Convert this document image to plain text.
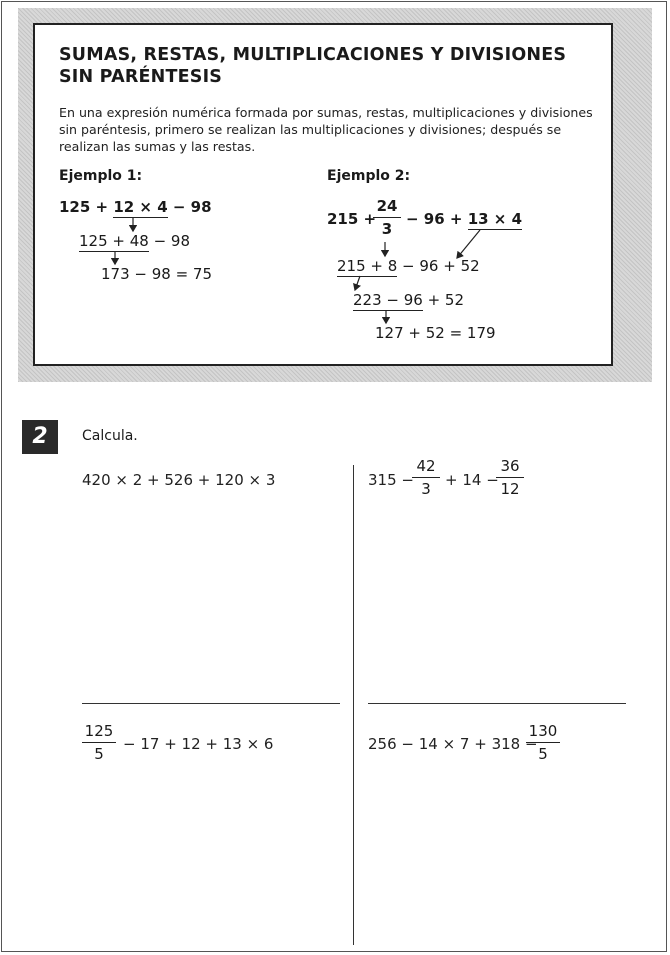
SUMAS, RESTAS, MULTIPLICACIONES Y DIVISIONES SIN PARÉNTESIS
En una expresión numérica formada por sumas, restas, multiplicaciones y divisiones sin paréntesis, primero se realizan las multiplicaciones y divisiones; después se realizan las sumas y las restas.
Ejemplo 1:
125 + 12 × 4 − 98
125 + 48 − 98
173 − 98 = 75
Ejemplo 2:
215 +
24
3
− 96 + 13 × 4
215 + 8 − 96 + 52
223 − 96 + 52
127 + 52 = 179
2	Calcula.
420 × 2 + 526 + 120 × 3	315 −
42
3 + 14 −
36
12
125
5
− 17 + 12 + 13 × 6	256 − 14 × 7 + 318 −
130
5
